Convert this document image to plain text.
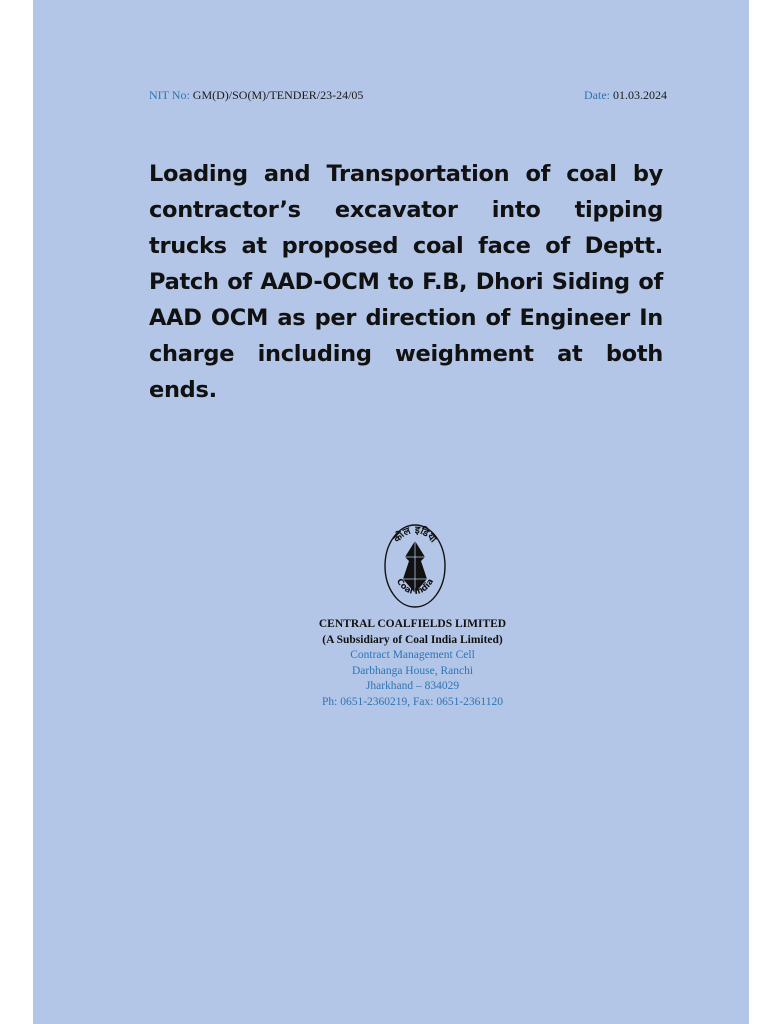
NIT No: GM(D)/SO(M)/TENDER/23-24/05	Date: 01.03.2024
Loading and Transportation of coal by contractor’s excavator into tipping trucks at proposed coal face of Deptt. Patch of AAD-OCM to F.B, Dhori Siding of AAD OCM as per direction of Engineer In charge including weighment at both ends.
कोल इंडिया
Coal India
CENTRAL COALFIELDS LIMITED
(A Subsidiary of Coal India Limited)
Contract Management Cell
Darbhanga House, Ranchi
Jharkhand – 834029
Ph: 0651-2360219, Fax: 0651-2361120
